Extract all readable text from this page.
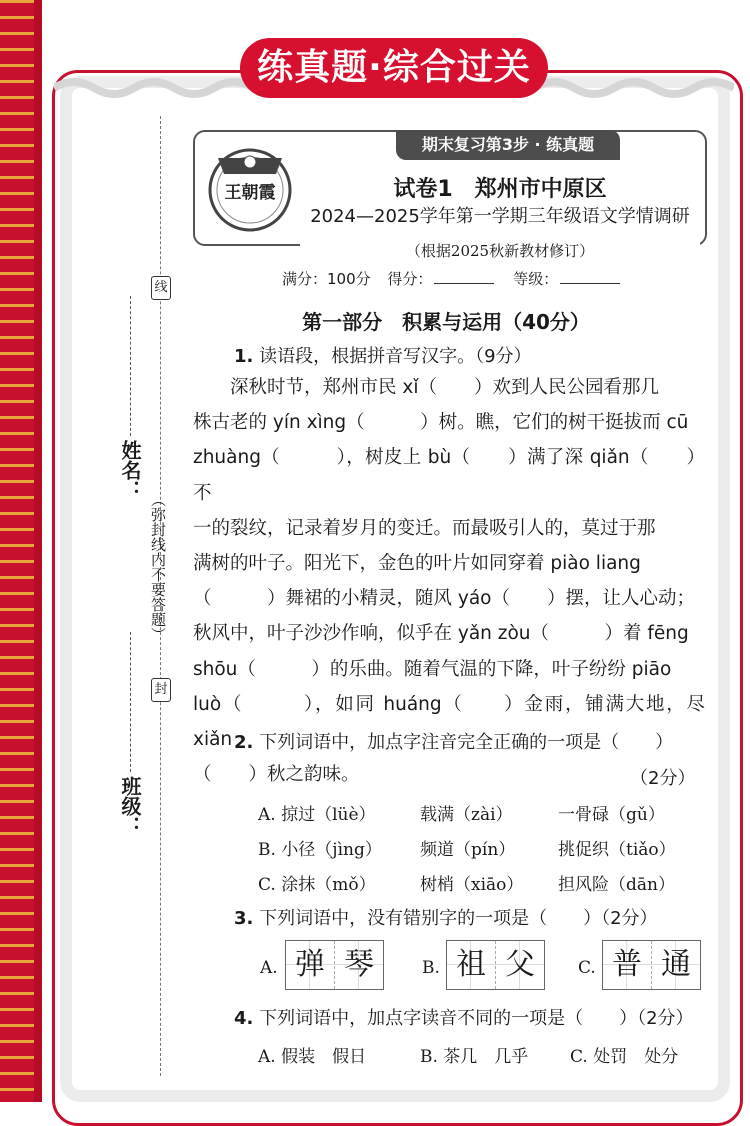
练真题·综合过关
线
封
（弥封线内不要答题）
姓名：
班级：
期末复习第3步 · 练真题
王朝霞	试卷1　郑州市中原区
2024—2025学年第一学期三年级语文学情调研
（根据2025秋新教材修订）
满分：100分 得分：	等级：
第一部分　积累与运用（40分）
1. 读语段，根据拼音写汉字。（9分）

　　深秋时节，郑州市民 xǐ（　　）欢到人民公园看那几

株古老的 yín xìng（　　　）树。瞧，它们的树干挺拔而 cū

zhuàng（　　　），树皮上 bù（　　）满了深 qiǎn（　　）不

一的裂纹，记录着岁月的变迁。而最吸引人的，莫过于那

满树的叶子。阳光下，金色的叶片如同穿着 piào liang

（　　　）舞裙的小精灵，随风 yáo（　　）摆，让人心动；

秋风中，叶子沙沙作响，似乎在 yǎn zòu（　　　）着 fēng

shōu（　　　）的乐曲。随着气温的下降，叶子纷纷 piāo

luò（　　　），如同 huáng（　　）金雨，铺满大地，尽 xiǎn

（　　）秋之韵味。

2. 下列词语中，加点字注音完全正确的一项是（　　）
（2分）
A. 掠过（lüè）	载满（zài）	一骨碌（gǔ）
B. 小径（jìng） 频道（pín）	挑促织（tiǎo）
C. 涂抹（mǒ）	树梢（xiāo） 担风险（dān）
3. 下列词语中，没有错别字的一项是（　　）（2分）
A. 弹 琴	B. 祖 父	C. 普 通
4. 下列词语中，加点字读音不同的一项是（　　）（2分）
A. 假装　假日	B. 茶几　几乎 C. 处罚　处分
